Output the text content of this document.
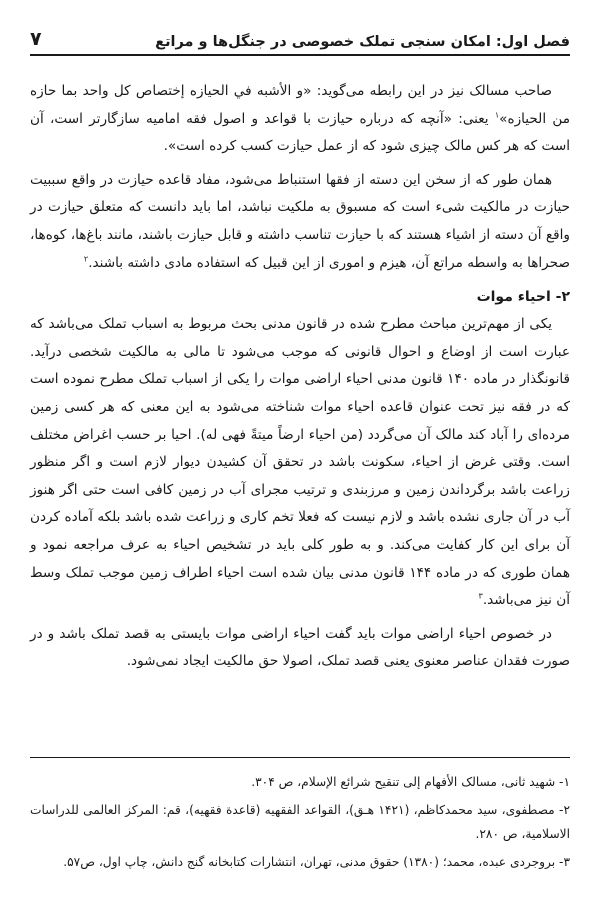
فصل اول: امکان سنجی تملک خصوصی در جنگل‌ها و مراتع
۷

صاحب مسالک نیز در این رابطه می‌گوید: «و الأشبه في الحيازه إختصاص كل واحد بما حازه من الحيازه»$^۱$ یعنی: «آنچه که درباره حیازت با قواعد و اصول فقه امامیه سازگارتر است، آن است که هر کس مالک چیزی شود که از عمل حیازت کسب کرده است».

همان طور که از سخن این دسته از فقها استنباط می‌شود، مفاد قاعده حیازت در واقع سببیت حیازت در مالکیت شیء است که مسبوق به ملکیت نباشد، اما باید دانست که متعلق حیازت در واقع آن دسته از اشیاء هستند که با حیازت تناسب داشته و قابل حیازت باشند، مانند باغ‌ها، کوه‌ها، صحراها به واسطه مراتع آن، هیزم و اموری از این قبیل که استفاده مادی داشته باشند.$^۲$

۲- احیاء موات

یکی از مهم‌ترین مباحث مطرح شده در قانون مدنی بحث مربوط به اسباب تملک می‌باشد که عبارت است از اوضاع و احوال قانونی که موجب می‌شود تا مالی به مالکیت شخصی درآید. قانونگذار در ماده ۱۴۰ قانون مدنی احیاء اراضی موات را یکی از اسباب تملک مطرح نموده است که در فقه نیز تحت عنوان قاعده احیاء موات شناخته می‌شود به این معنی که هر کسی زمین مرده‌ای را آباد کند مالک آن می‌گردد (من احیاء ارضاً میتةً فهی له). احیا بر حسب اغراض مختلف است. وقتی غرض از احیاء، سکونت باشد در تحقق آن کشیدن دیوار لازم است و اگر منظور زراعت باشد برگرداندن زمین و مرزبندی و ترتیب مجرای آب در زمین کافی است حتی اگر هنوز آب در آن جاری نشده باشد و لازم نیست که فعلا تخم کاری و زراعت شده باشد بلکه آماده کردن آن برای این کار کفایت می‌کند. و به طور کلی باید در تشخیص احیاء به عرف مراجعه نمود و همان طوری که در ماده ۱۴۴ قانون مدنی بیان شده است احیاء اطراف زمین موجب تملک وسط آن نیز می‌باشد.$^۳$

در خصوص احیاء اراضی موات باید گفت احیاء اراضی موات بایستی به قصد تملک باشد و در صورت فقدان عناصر معنوی یعنی قصد تملک، اصولا حق مالکیت ایجاد نمی‌شود.

۱- شهید ثانی، مسالک الأفهام إلى تنقيح شرائع الإسلام، ص ۳۰۴.

۲- مصطفوی، سید محمدکاظم، (۱۴۲۱ هـق)، القواعد الفقهيه (قاعدة فقهيه)، قم: المركز العالمی للدراسات الاسلامیة، ص ۲۸۰.

۳- بروجردی عبده، محمد؛ (۱۳۸۰) حقوق مدنی، تهران، انتشارات کتابخانه گنج دانش، چاپ اول، ص۵۷.
